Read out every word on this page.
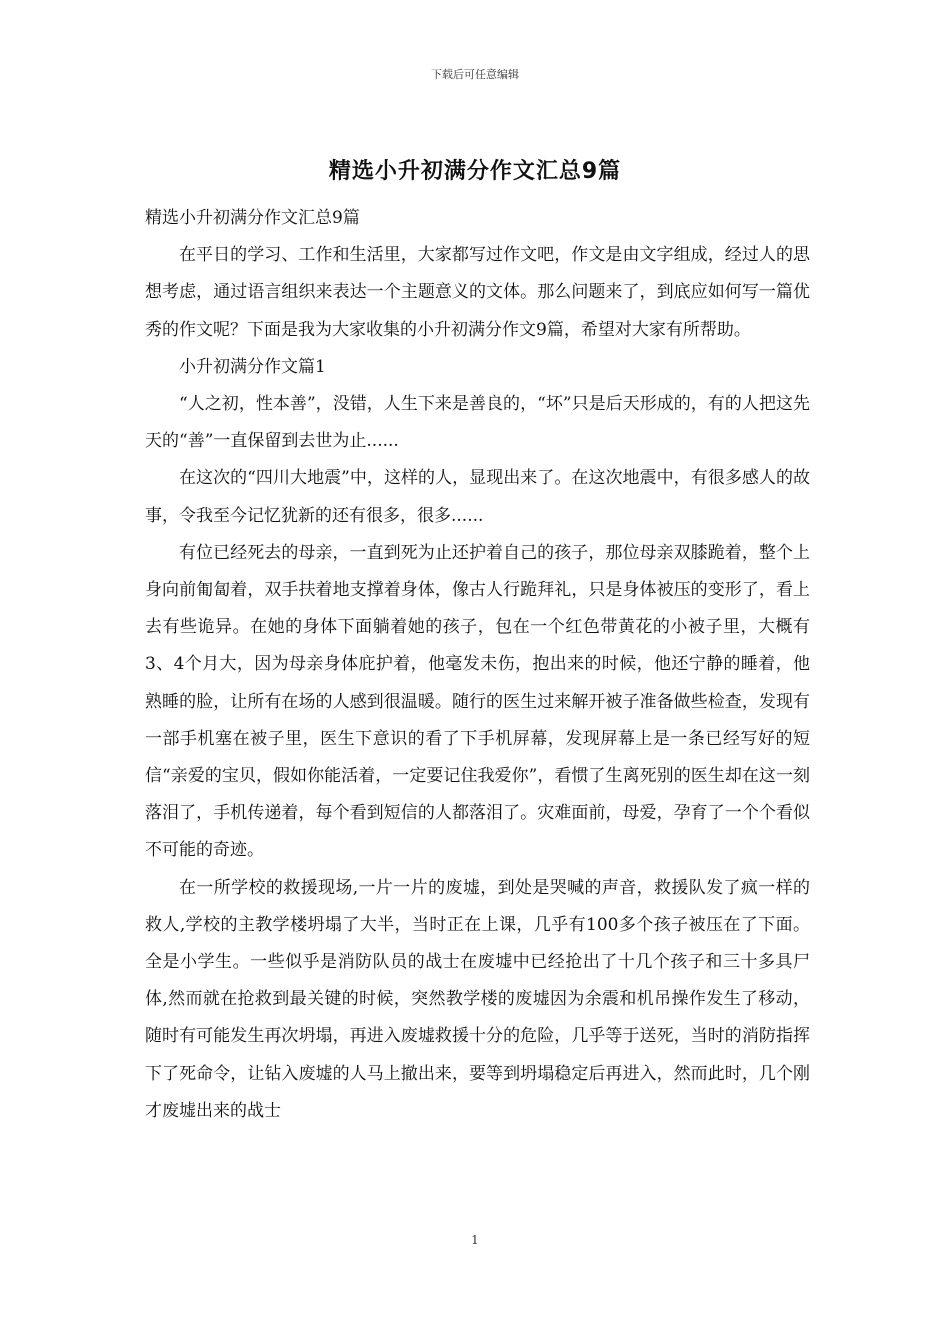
下载后可任意编辑
精选小升初满分作文汇总9篇

精选小升初满分作文汇总9篇

在平日的学习、工作和生活里，大家都写过作文吧，作文是由文字组成，经过人的思想考虑，通过语言组织来表达一个主题意义的文体。那么问题来了，到底应如何写一篇优秀的作文呢？下面是我为大家收集的小升初满分作文9篇，希望对大家有所帮助。

小升初满分作文篇1

“人之初，性本善”，没错，人生下来是善良的，“坏”只是后天形成的，有的人把这先天的“善”一直保留到去世为止......

在这次的“四川大地震”中，这样的人，显现出来了。在这次地震中，有很多感人的故事，令我至今记忆犹新的还有很多，很多......

有位已经死去的母亲，一直到死为止还护着自己的孩子，那位母亲双膝跪着，整个上身向前匍匐着，双手扶着地支撑着身体，像古人行跪拜礼，只是身体被压的变形了，看上去有些诡异。在她的身体下面躺着她的孩子，包在一个红色带黄花的小被子里，大概有3、4个月大，因为母亲身体庇护着，他毫发未伤，抱出来的时候，他还宁静的睡着，他熟睡的脸，让所有在场的人感到很温暖。随行的医生过来解开被子准备做些检查，发现有一部手机塞在被子里，医生下意识的看了下手机屏幕，发现屏幕上是一条已经写好的短信“亲爱的宝贝，假如你能活着，一定要记住我爱你”，看惯了生离死别的医生却在这一刻落泪了，手机传递着，每个看到短信的人都落泪了。灾难面前，母爱，孕育了一个个看似不可能的奇迹。

在一所学校的救援现场,一片一片的废墟，到处是哭喊的声音，救援队发了疯一样的救人,学校的主教学楼坍塌了大半，当时正在上课，几乎有100多个孩子被压在了下面。全是小学生。一些似乎是消防队员的战士在废墟中已经抢出了十几个孩子和三十多具尸体,然而就在抢救到最关键的时候，突然教学楼的废墟因为余震和机吊操作发生了移动，随时有可能发生再次坍塌，再进入废墟救援十分的危险，几乎等于送死，当时的消防指挥下了死命令，让钻入废墟的人马上撤出来，要等到坍塌稳定后再进入，然而此时，几个刚才废墟出来的战士

1
